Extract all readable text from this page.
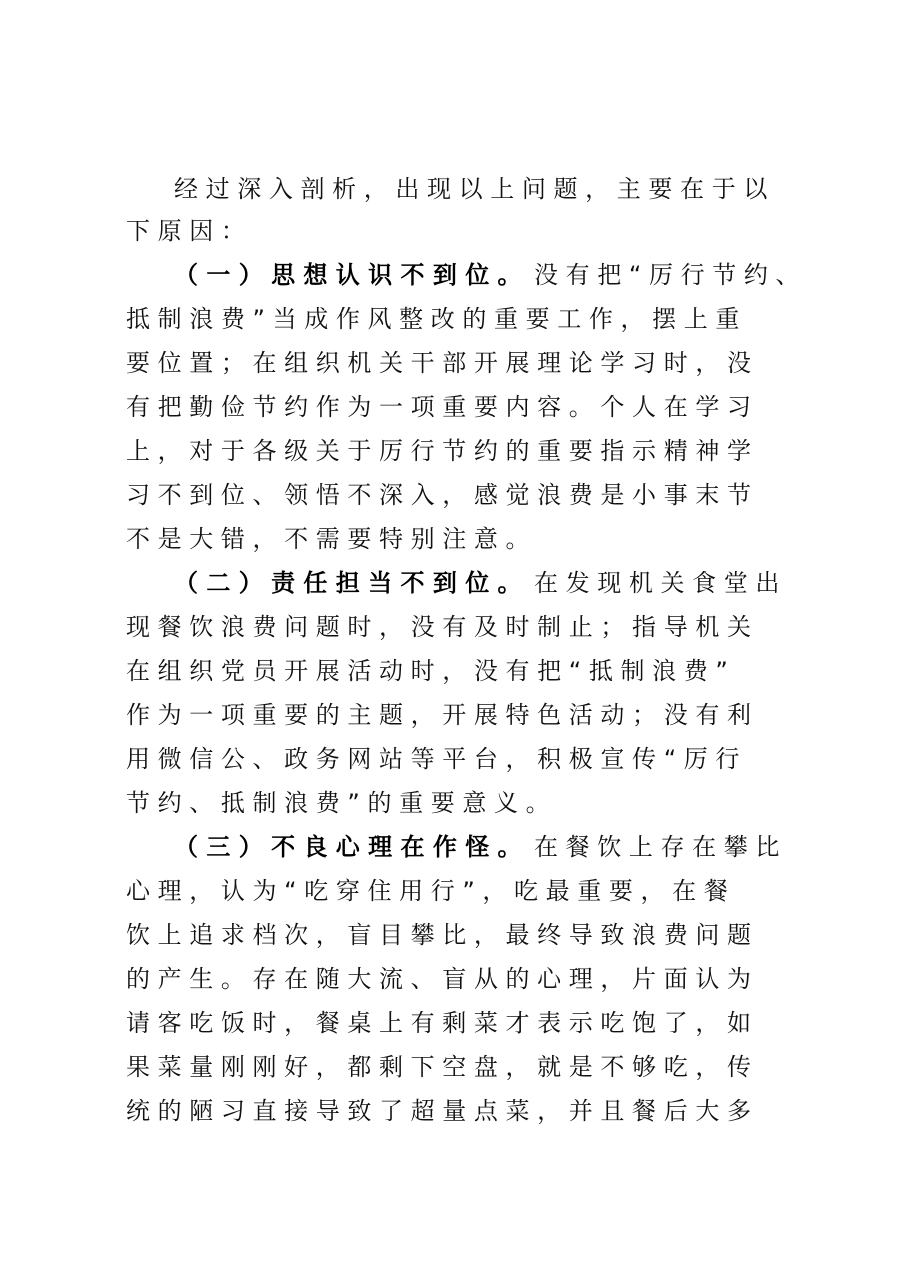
经 过 深 入 剖 析 ， 出 现 以 上 问 题 ， 主 要 在 于 以
下 原 因 ：
（ 一 ） 思 想 认 识 不 到 位 。 没 有 把 “ 厉 行 节 约 、
抵 制 浪 费 ” 当 成 作 风 整 改 的 重 要 工 作 ， 摆 上 重
要 位 置 ； 在 组 织 机 关 干 部 开 展 理 论 学 习 时 ， 没
有 把 勤 俭 节 约 作 为 一 项 重 要 内 容 。 个 人 在 学 习
上 ， 对 于 各 级 关 于 厉 行 节 约 的 重 要 指 示 精 神 学
习 不 到 位 、 领 悟 不 深 入 ， 感 觉 浪 费 是 小 事 末 节
不 是 大 错 ， 不 需 要 特 别 注 意 。
（ 二 ） 责 任 担 当 不 到 位 。 在 发 现 机 关 食 堂 出
现 餐 饮 浪 费 问 题 时 ， 没 有 及 时 制 止 ； 指 导 机 关
在 组 织 党 员 开 展 活 动 时 ， 没 有 把 “ 抵 制 浪 费 ”
作 为 一 项 重 要 的 主 题 ， 开 展 特 色 活 动 ； 没 有 利
用 微 信 公 、 政 务 网 站 等 平 台 ， 积 极 宣 传 “ 厉 行
节 约 、 抵 制 浪 费 ” 的 重 要 意 义 。
（ 三 ） 不 良 心 理 在 作 怪 。 在 餐 饮 上 存 在 攀 比
心 理 ， 认 为 “ 吃 穿 住 用 行 ” ， 吃 最 重 要 ， 在 餐
饮 上 追 求 档 次 ， 盲 目 攀 比 ， 最 终 导 致 浪 费 问 题
的 产 生 。 存 在 随 大 流 、 盲 从 的 心 理 ， 片 面 认 为
请 客 吃 饭 时 ， 餐 桌 上 有 剩 菜 才 表 示 吃 饱 了 ， 如
果 菜 量 刚 刚 好 ， 都 剩 下 空 盘 ， 就 是 不 够 吃 ， 传
统 的 陋 习 直 接 导 致 了 超 量 点 菜 ， 并 且 餐 后 大 多
